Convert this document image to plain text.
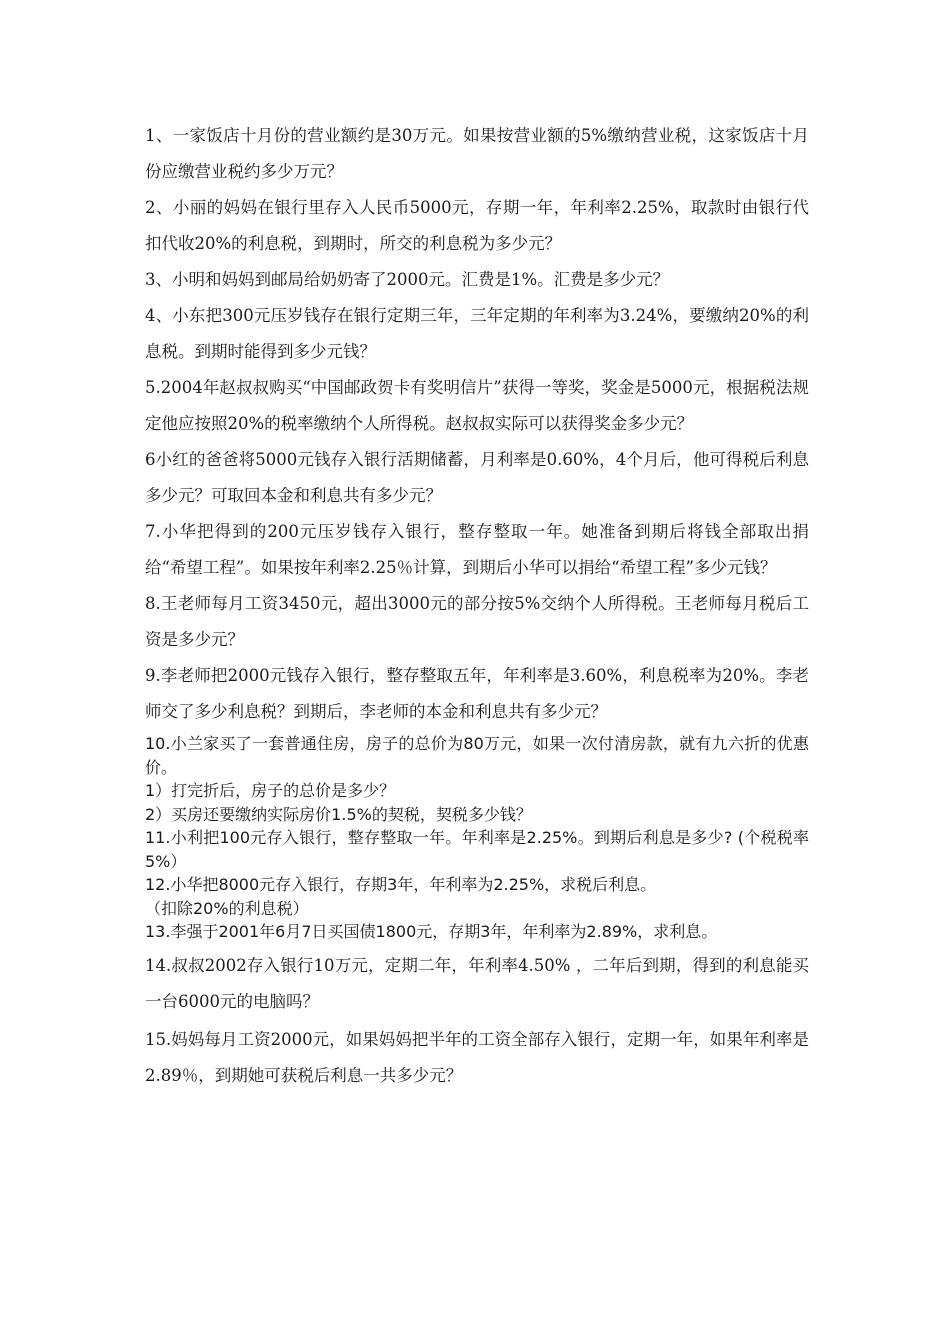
1、一家饭店十月份的营业额约是30万元。如果按营业额的5%缴纳营业税，这家饭店十月份应缴营业税约多少万元？

2、小丽的妈妈在银行里存入人民币5000元，存期一年，年利率2.25%，取款时由银行代扣代收20%的利息税，到期时，所交的利息税为多少元？

3、小明和妈妈到邮局给奶奶寄了2000元。汇费是1%。汇费是多少元？

4、小东把300元压岁钱存在银行定期三年，三年定期的年利率为3.24%，要缴纳20%的利息税。到期时能得到多少元钱？

5.2004年赵叔叔购买“中国邮政贺卡有奖明信片”获得一等奖，奖金是5000元，根据税法规定他应按照20%的税率缴纳个人所得税。赵叔叔实际可以获得奖金多少元？

6小红的爸爸将5000元钱存入银行活期储蓄，月利率是0.60%，4个月后，他可得税后利息多少元？可取回本金和利息共有多少元？

7.小华把得到的200元压岁钱存入银行，整存整取一年。她准备到期后将钱全部取出捐给“希望工程”。如果按年利率2.25％计算，到期后小华可以捐给“希望工程”多少元钱？

8.王老师每月工资3450元，超出3000元的部分按5%交纳个人所得税。王老师每月税后工资是多少元？

9.李老师把2000元钱存入银行，整存整取五年，年利率是3.60%，利息税率为20%。李老师交了多少利息税？到期后，李老师的本金和利息共有多少元？

10.小兰家买了一套普通住房，房子的总价为80万元，如果一次付清房款，就有九六折的优惠价。

1）打完折后，房子的总价是多少？

2）买房还要缴纳实际房价1.5%的契税，契税多少钱？

11.小利把100元存入银行，整存整取一年。年利率是2.25%。到期后利息是多少? (个税税率5%）

12.小华把8000元存入银行，存期3年，年利率为2.25%，求税后利息。

（扣除20%的利息税）

13.李强于2001年6月7日买国债1800元，存期3年，年利率为2.89%，求利息。

14.叔叔2002存入银行10万元，定期二年，年利率4.50% ，二年后到期，得到的利息能买一台6000元的电脑吗？

15.妈妈每月工资2000元，如果妈妈把半年的工资全部存入银行，定期一年，如果年利率是2.89％，到期她可获税后利息一共多少元？
